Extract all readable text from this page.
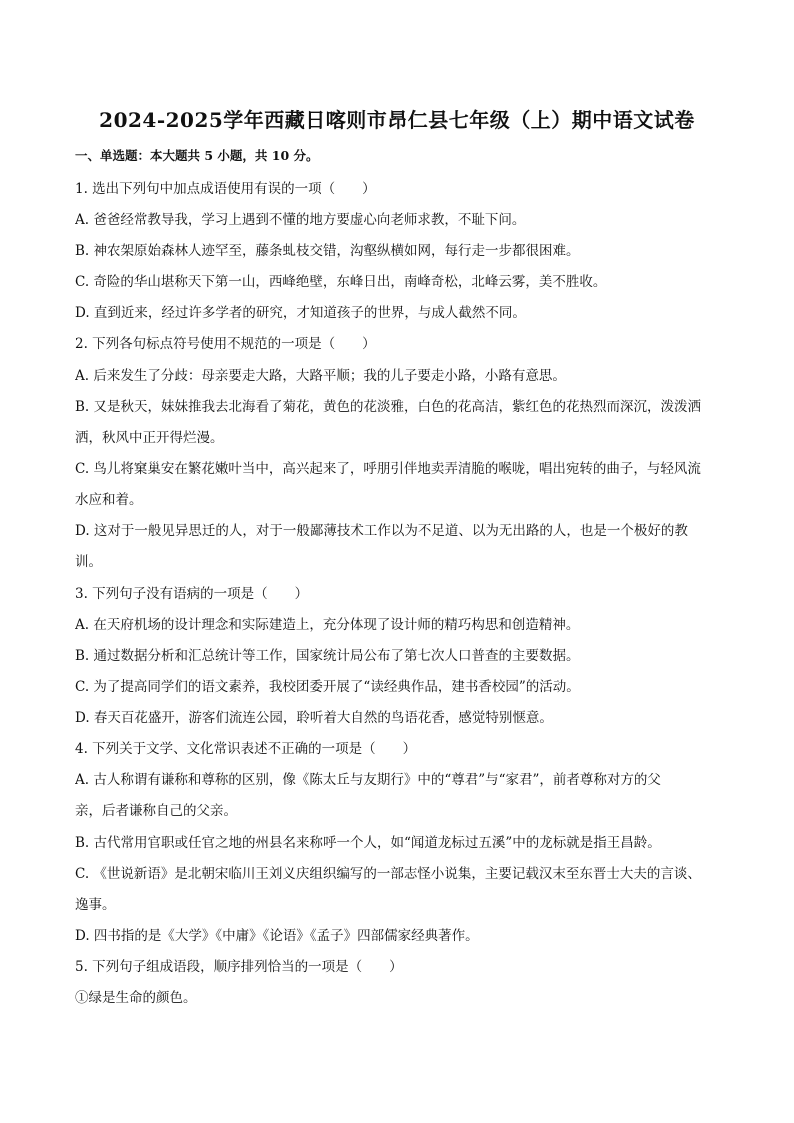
2024-2025学年西藏日喀则市昂仁县七年级（上）期中语文试卷
一、单选题：本大题共 5 小题，共 10 分。
1. 选出下列句中加点成语使用有误的一项（　　）
A. 爸爸经常教导我，学习上遇到不懂的地方要虚心向老师求教，不耻下问。
B. 神农架原始森林人迹罕至，藤条虬枝交错，沟壑纵横如网，每行走一步都很困难。
C. 奇险的华山堪称天下第一山，西峰绝壁，东峰日出，南峰奇松，北峰云雾，美不胜收。
D. 直到近来，经过许多学者的研究，才知道孩子的世界，与成人截然不同。
2. 下列各句标点符号使用不规范的一项是（　　）
A. 后来发生了分歧：母亲要走大路，大路平顺；我的儿子要走小路，小路有意思。
B. 又是秋天，妹妹推我去北海看了菊花，黄色的花淡雅，白色的花高洁，紫红色的花热烈而深沉，泼泼洒
洒，秋风中正开得烂漫。
C. 鸟儿将窠巢安在繁花嫩叶当中，高兴起来了，呼朋引伴地卖弄清脆的喉咙，唱出宛转的曲子，与轻风流
水应和着。
D. 这对于一般见异思迁的人，对于一般鄙薄技术工作以为不足道、以为无出路的人，也是一个极好的教
训。
3. 下列句子没有语病的一项是（　　）
A. 在天府机场的设计理念和实际建造上，充分体现了设计师的精巧构思和创造精神。
B. 通过数据分析和汇总统计等工作，国家统计局公布了第七次人口普查的主要数据。
C. 为了提高同学们的语文素养，我校团委开展了“读经典作品，建书香校园”的活动。
D. 春天百花盛开，游客们流连公园，聆听着大自然的鸟语花香，感觉特别惬意。
4. 下列关于文学、文化常识表述不正确的一项是（　　）
A. 古人称谓有谦称和尊称的区别，像《陈太丘与友期行》中的“尊君”与“家君”，前者尊称对方的父
亲，后者谦称自己的父亲。
B. 古代常用官职或任官之地的州县名来称呼一个人，如“闻道龙标过五溪”中的龙标就是指王昌龄。
C. 《世说新语》是北朝宋临川王刘义庆组织编写的一部志怪小说集，主要记载汉末至东晋士大夫的言谈、
逸事。
D. 四书指的是《大学》《中庸》《论语》《孟子》四部儒家经典著作。
5. 下列句子组成语段，顺序排列恰当的一项是（　　）
①绿是生命的颜色。
